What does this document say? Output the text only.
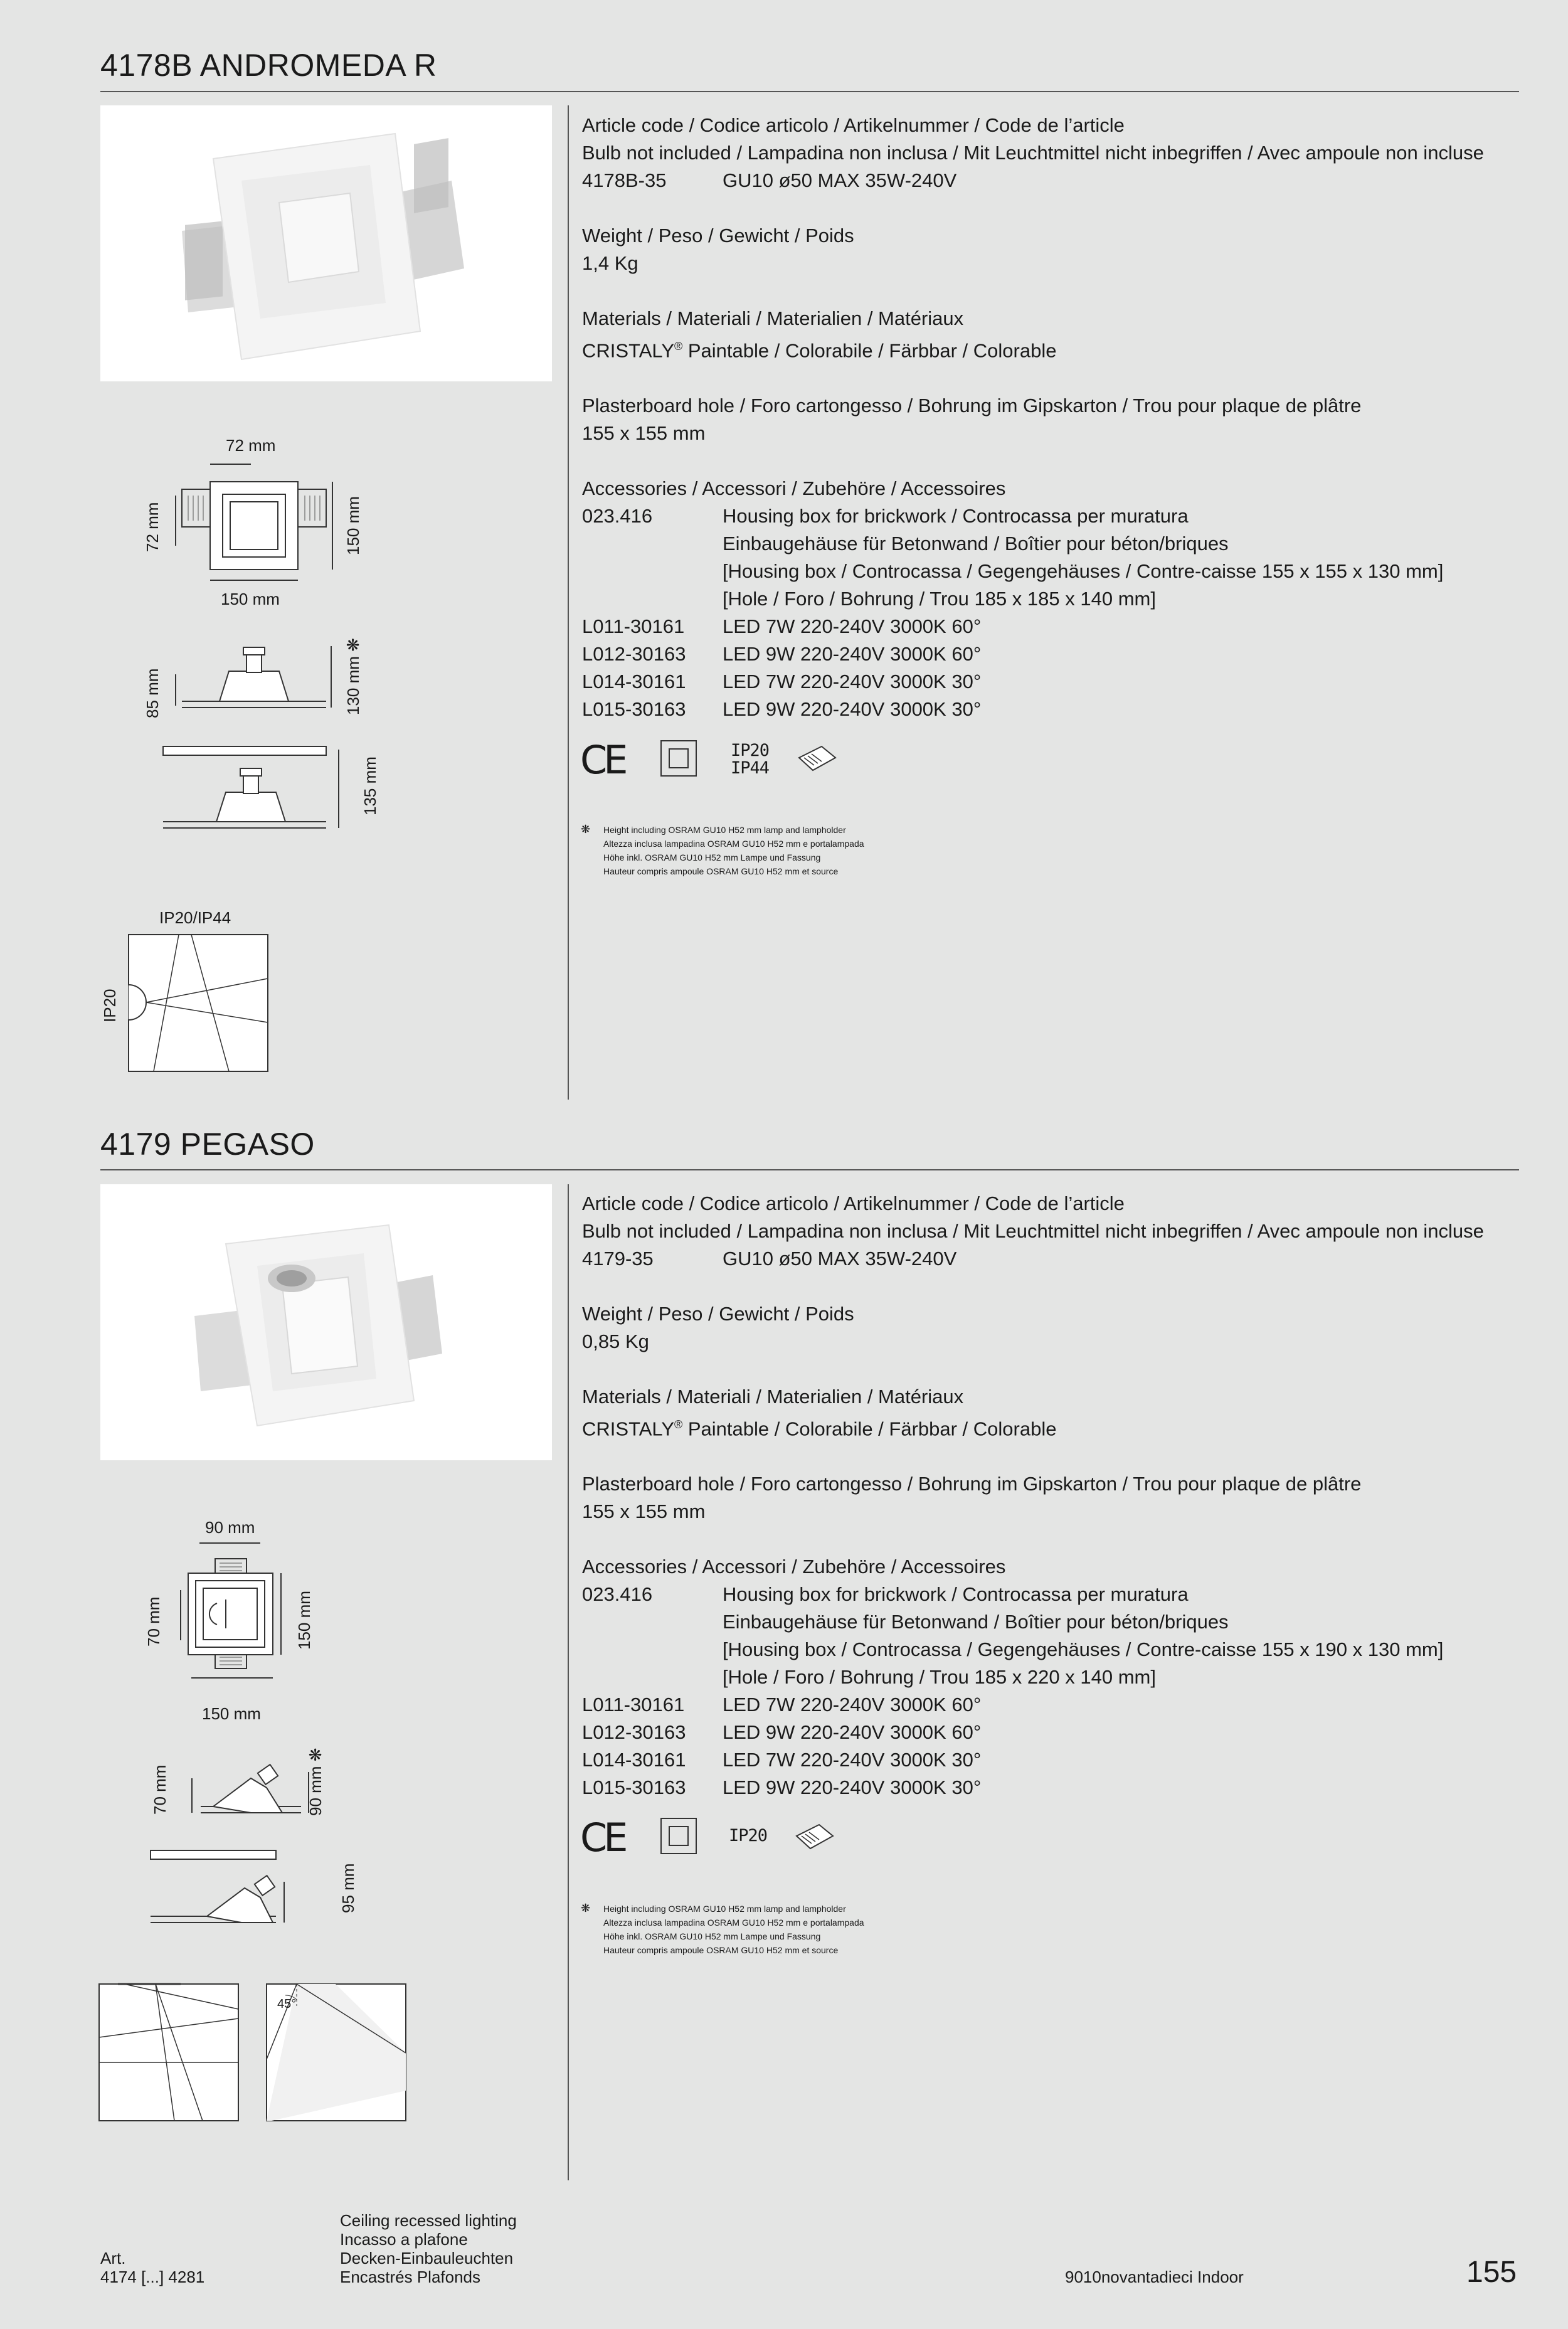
4178B ANDROMEDA R
72 mm
72 mm	150 mm
150 mm
85 mm	130 mm ❋
135 mm
IP20/IP44
IP20
Article code / Codice articolo / Artikelnummer / Code de l’article
Bulb not included / Lampadina non inclusa / Mit Leuchtmittel nicht inbegriffen / Avec ampoule non incluse
4178B-35	GU10 ø50 MAX 35W-240V
Weight / Peso / Gewicht / Poids
1,4 Kg
Materials / Materiali / Materialien / Matériaux
CRISTALY® Paintable / Colorabile / Färbbar / Colorable
Plasterboard hole / Foro cartongesso / Bohrung im Gipskarton / Trou pour plaque de plâtre
155 x 155 mm
Accessories / Accessori / Zubehöre / Accessoires
023.416	Housing box for brickwork / Controcassa per muratura
Einbaugehäuse für Betonwand / Boîtier pour béton/briques
[Housing box / Controcassa / Gegengehäuses / Contre-caisse 155 x 155 x 130 mm]
[Hole / Foro / Bohrung / Trou 185 x 185 x 140 mm]
L011-30161 LED 7W 220-240V 3000K 60°
L012-30163 LED 9W 220-240V 3000K 60°
L014-30161 LED 7W 220-240V 3000K 30°
L015-30163 LED 9W 220-240V 3000K 30°
CE	IP20
IP44
❋ Height including OSRAM GU10 H52 mm lamp and lampholder
Altezza inclusa lampadina OSRAM GU10 H52 mm e portalampada
Höhe inkl. OSRAM GU10 H52 mm Lampe und Fassung
Hauteur compris ampoule OSRAM GU10 H52 mm et source
4179 PEGASO
90 mm
70 mm	150 mm
150 mm
70 mm	90 mm ❋
95 mm
45°
Article code / Codice articolo / Artikelnummer / Code de l’article
Bulb not included / Lampadina non inclusa / Mit Leuchtmittel nicht inbegriffen / Avec ampoule non incluse
4179-35	GU10 ø50 MAX 35W-240V
Weight / Peso / Gewicht / Poids
0,85 Kg
Materials / Materiali / Materialien / Matériaux
CRISTALY® Paintable / Colorabile / Färbbar / Colorable
Plasterboard hole / Foro cartongesso / Bohrung im Gipskarton / Trou pour plaque de plâtre
155 x 155 mm
Accessories / Accessori / Zubehöre / Accessoires
023.416	Housing box for brickwork / Controcassa per muratura
Einbaugehäuse für Betonwand / Boîtier pour béton/briques
[Housing box / Controcassa / Gegengehäuses / Contre-caisse 155 x 190 x 130 mm]
[Hole / Foro / Bohrung / Trou 185 x 220 x 140 mm]
L011-30161 LED 7W 220-240V 3000K 60°
L012-30163 LED 9W 220-240V 3000K 60°
L014-30161 LED 7W 220-240V 3000K 30°
L015-30163 LED 9W 220-240V 3000K 30°
CE	IP20
❋ Height including OSRAM GU10 H52 mm lamp and lampholder
Altezza inclusa lampadina OSRAM GU10 H52 mm e portalampada
Höhe inkl. OSRAM GU10 H52 mm Lampe und Fassung
Hauteur compris ampoule OSRAM GU10 H52 mm et source
Art.
4174 [...] 4281
Ceiling recessed lighting
Incasso a plafone
Decken-Einbauleuchten
Encastrés Plafonds	9010novantadieci Indoor	155
